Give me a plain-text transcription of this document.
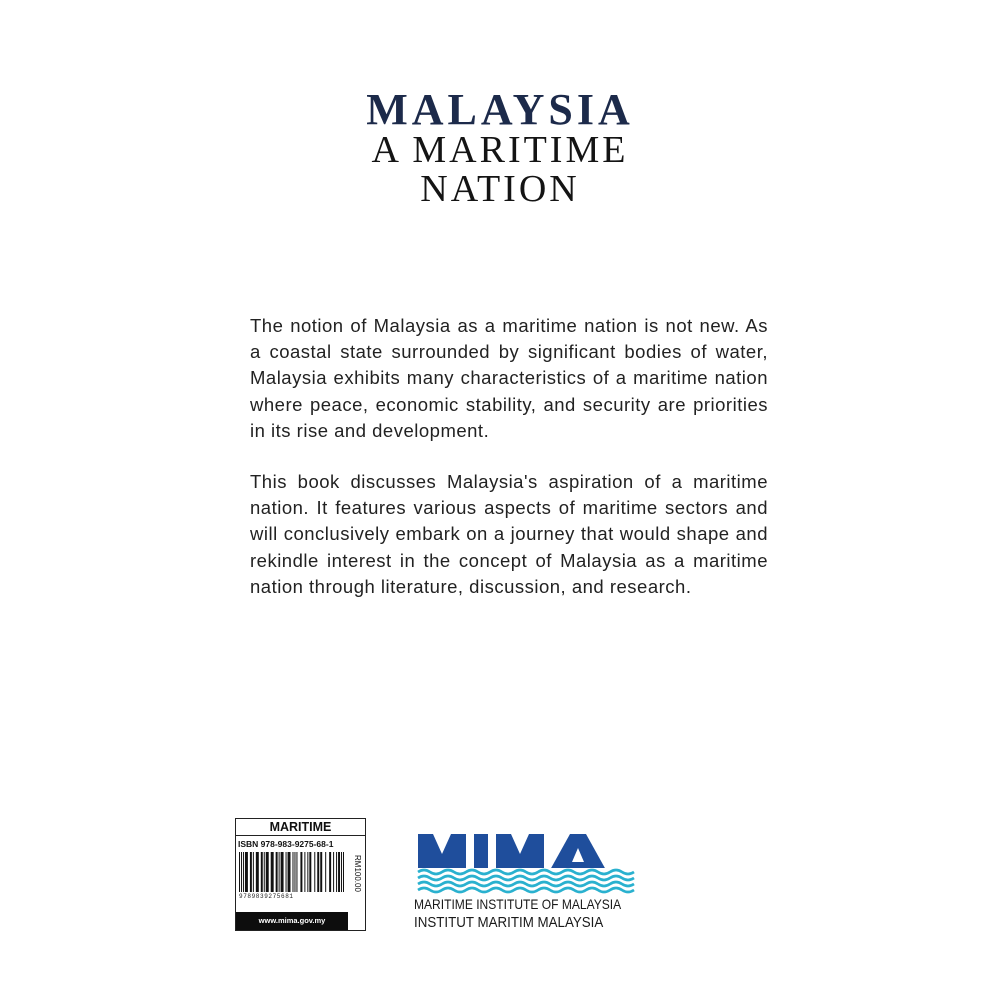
MALAYSIA
A MARITIME
NATION

The notion of Malaysia as a maritime nation is not new. As a coastal state surrounded by significant bodies of water, Malaysia exhibits many characteristics of a maritime nation where peace, economic stability, and security are priorities in its rise and development.

This book discusses Malaysia's aspiration of a maritime nation. It features various aspects of maritime sectors and will conclusively embark on a journey that would shape and rekindle interest in the concept of Malaysia as a maritime nation through literature, discussion, and research.

MARITIME
ISBN 978-983-9275-68-1
9789839275681
RM100.00
www.mima.gov.my
MARITIME INSTITUTE OF MALAYSIA
INSTITUT MARITIM MALAYSIA
